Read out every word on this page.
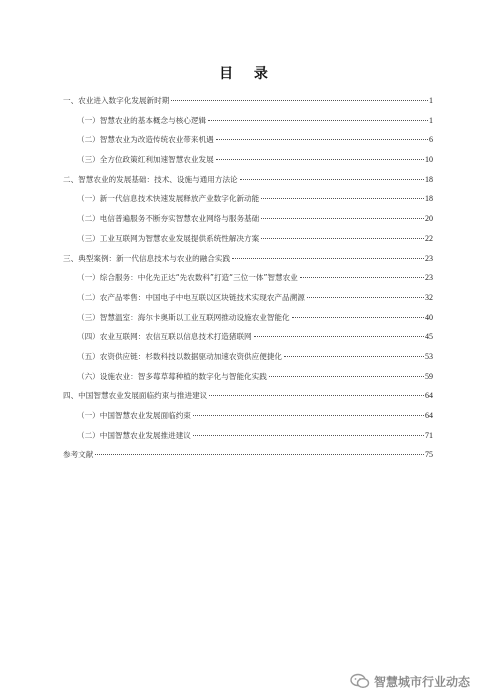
目 录
一、农业进入数字化发展新时期	1
（一）智慧农业的基本概念与核心逻辑	1
（二）智慧农业为改造传统农业带来机遇	6
（三）全方位政策红利加速智慧农业发展	10
二、智慧农业的发展基础：技术、设施与通用方法论	18
（一）新一代信息技术快速发展释放产业数字化新动能	18
（二）电信普遍服务不断夯实智慧农业网络与服务基础	20
（三）工业互联网为智慧农业发展提供系统性解决方案	22
三、典型案例：新一代信息技术与农业的融合实践	23
（一）综合服务：中化先正达“先农数科”打造“三位一体”智慧农业	23
（二）农产品零售：中国电子中电互联以区块链技术实现农产品溯源	32
（三）智慧温室：海尔卡奥斯以工业互联网推动设施农业智能化	40
（四）农业互联网：农信互联以信息技术打造猪联网	45
（五）农资供应链：杉数科技以数据驱动加速农资供应便捷化	53
（六）设施农业：智多莓草莓种植的数字化与智能化实践	59
四、中国智慧农业发展面临约束与推进建议	64
（一）中国智慧农业发展面临约束	64
（二）中国智慧农业发展推进建议	71
参考文献	75
智慧城市行业动态
